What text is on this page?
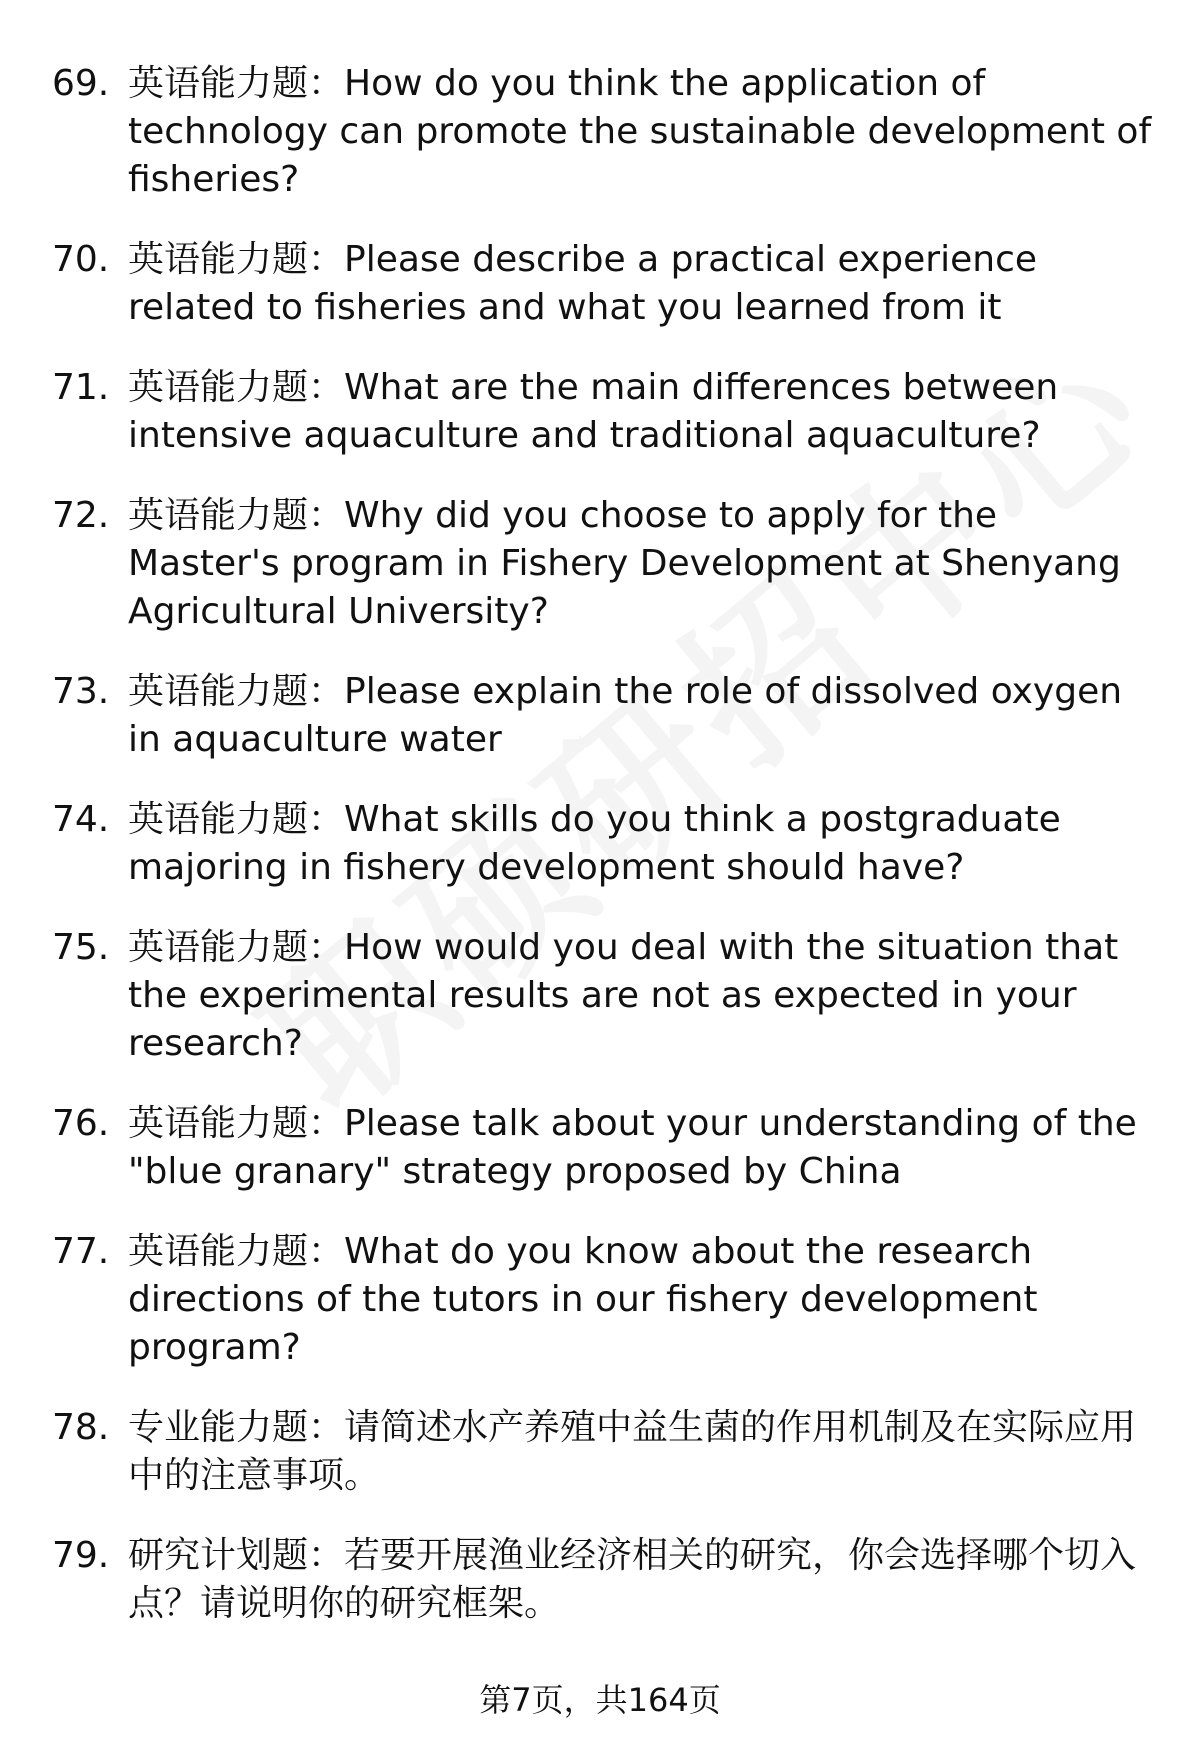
69. 英语能力题：How do you think the application of technology can promote the sustainable development of fisheries?
70. 英语能力题：Please describe a practical experience related to fisheries and what you learned from it
71. 英语能力题：What are the main differences between intensive aquaculture and traditional aquaculture?
72. 英语能力题：Why did you choose to apply for the Master's program in Fishery Development at Shenyang Agricultural University?
73. 英语能力题：Please explain the role of dissolved oxygen in aquaculture water
74. 英语能力题：What skills do you think a postgraduate majoring in fishery development should have?
75. 英语能力题：How would you deal with the situation that the experimental results are not as expected in your research?
76. 英语能力题：Please talk about your understanding of the "blue granary" strategy proposed by China
77. 英语能力题：What do you know about the research directions of the tutors in our fishery development program?
78. 专业能力题：请简述水产养殖中益生菌的作用机制及在实际应用中的注意事项。
79. 研究计划题：若要开展渔业经济相关的研究，你会选择哪个切入点？请说明你的研究框架。
第7页，共164页
